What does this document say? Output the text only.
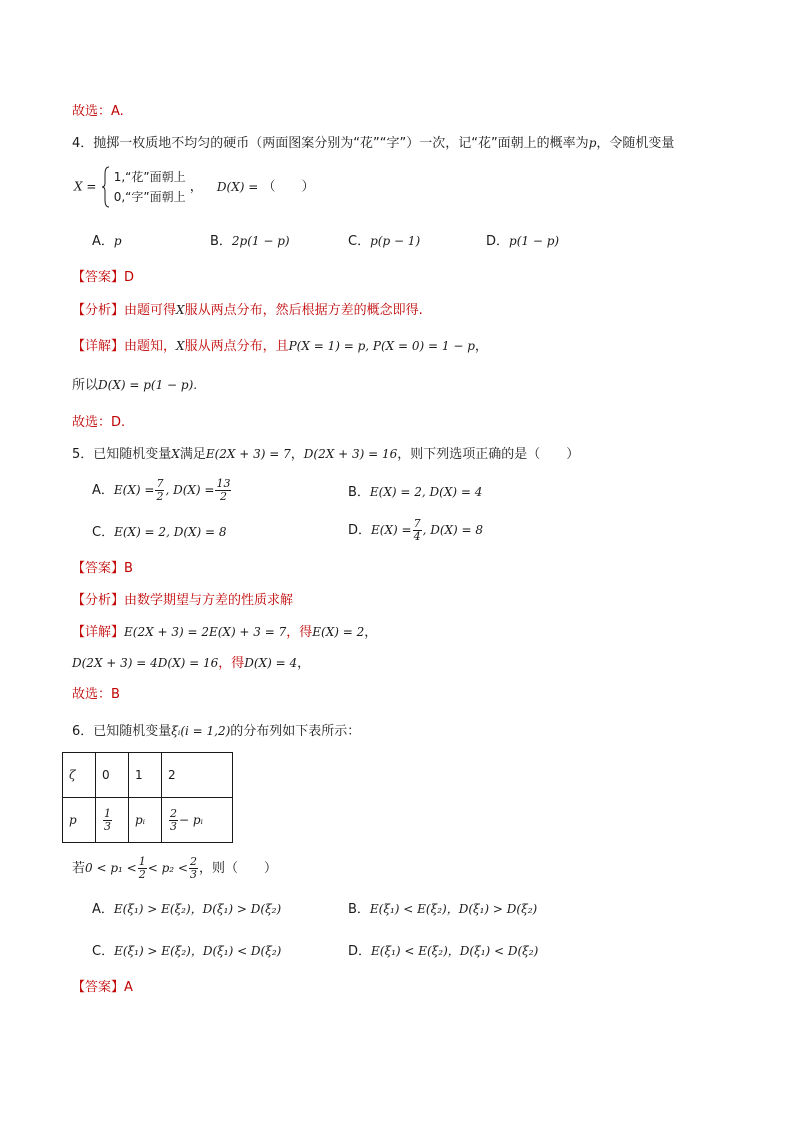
故选：A.
4．抛掷一枚质地不均匀的硬币（两面图案分别为“花”“字”）一次，记“花”面朝上的概率为p，令随机变量
X =  1,“花”面朝上
0,“字”面朝上 ， D(X) = （　　）
A．p	B．2p(1 − p)	C．p(p − 1)	D．p(1 − p)
【答案】D
【分析】由题可得X服从两点分布，然后根据方差的概念即得.
【详解】由题知，X服从两点分布，且P(X = 1) = p, P(X = 0) = 1 − p，
所以D(X) = p(1 − p).
故选：D.
5．已知随机变量X满足E(2X + 3) = 7，D(2X + 3) = 16，则下列选项正确的是（　　）
A．$E(X) = \frac{7}{2}$ , $D(X) = \frac{13}{2}$	B．E(X) = 2, D(X) = 4
C．E(X) = 2, D(X) = 8	D．$E(X) = \frac{7}{4}$ , D(X) = 8
【答案】B
【分析】由数学期望与方差的性质求解
【详解】E(2X + 3) = 2E(X) + 3 = 7，得E(X) = 2，
D(2X + 3) = 4D(X) = 16，得D(X) = 4，
故选：B
6．已知随机变量ξᵢ(i = 1,2)的分布列如下表所示：
ζ	0	1	2
p	$\frac{1}{3}$	pᵢ	$\frac{2}{3}$ − pᵢ
若$0 < p_1 < \frac{1}{2} < p_2 < \frac{2}{3}$ ，则（　　）
A．E(ξ₁) > E(ξ₂)，D(ξ₁) > D(ξ₂)	B．E(ξ₁) < E(ξ₂)，D(ξ₁) > D(ξ₂)
C．E(ξ₁) > E(ξ₂)，D(ξ₁) < D(ξ₂)	D．E(ξ₁) < E(ξ₂)，D(ξ₁) < D(ξ₂)
【答案】A
